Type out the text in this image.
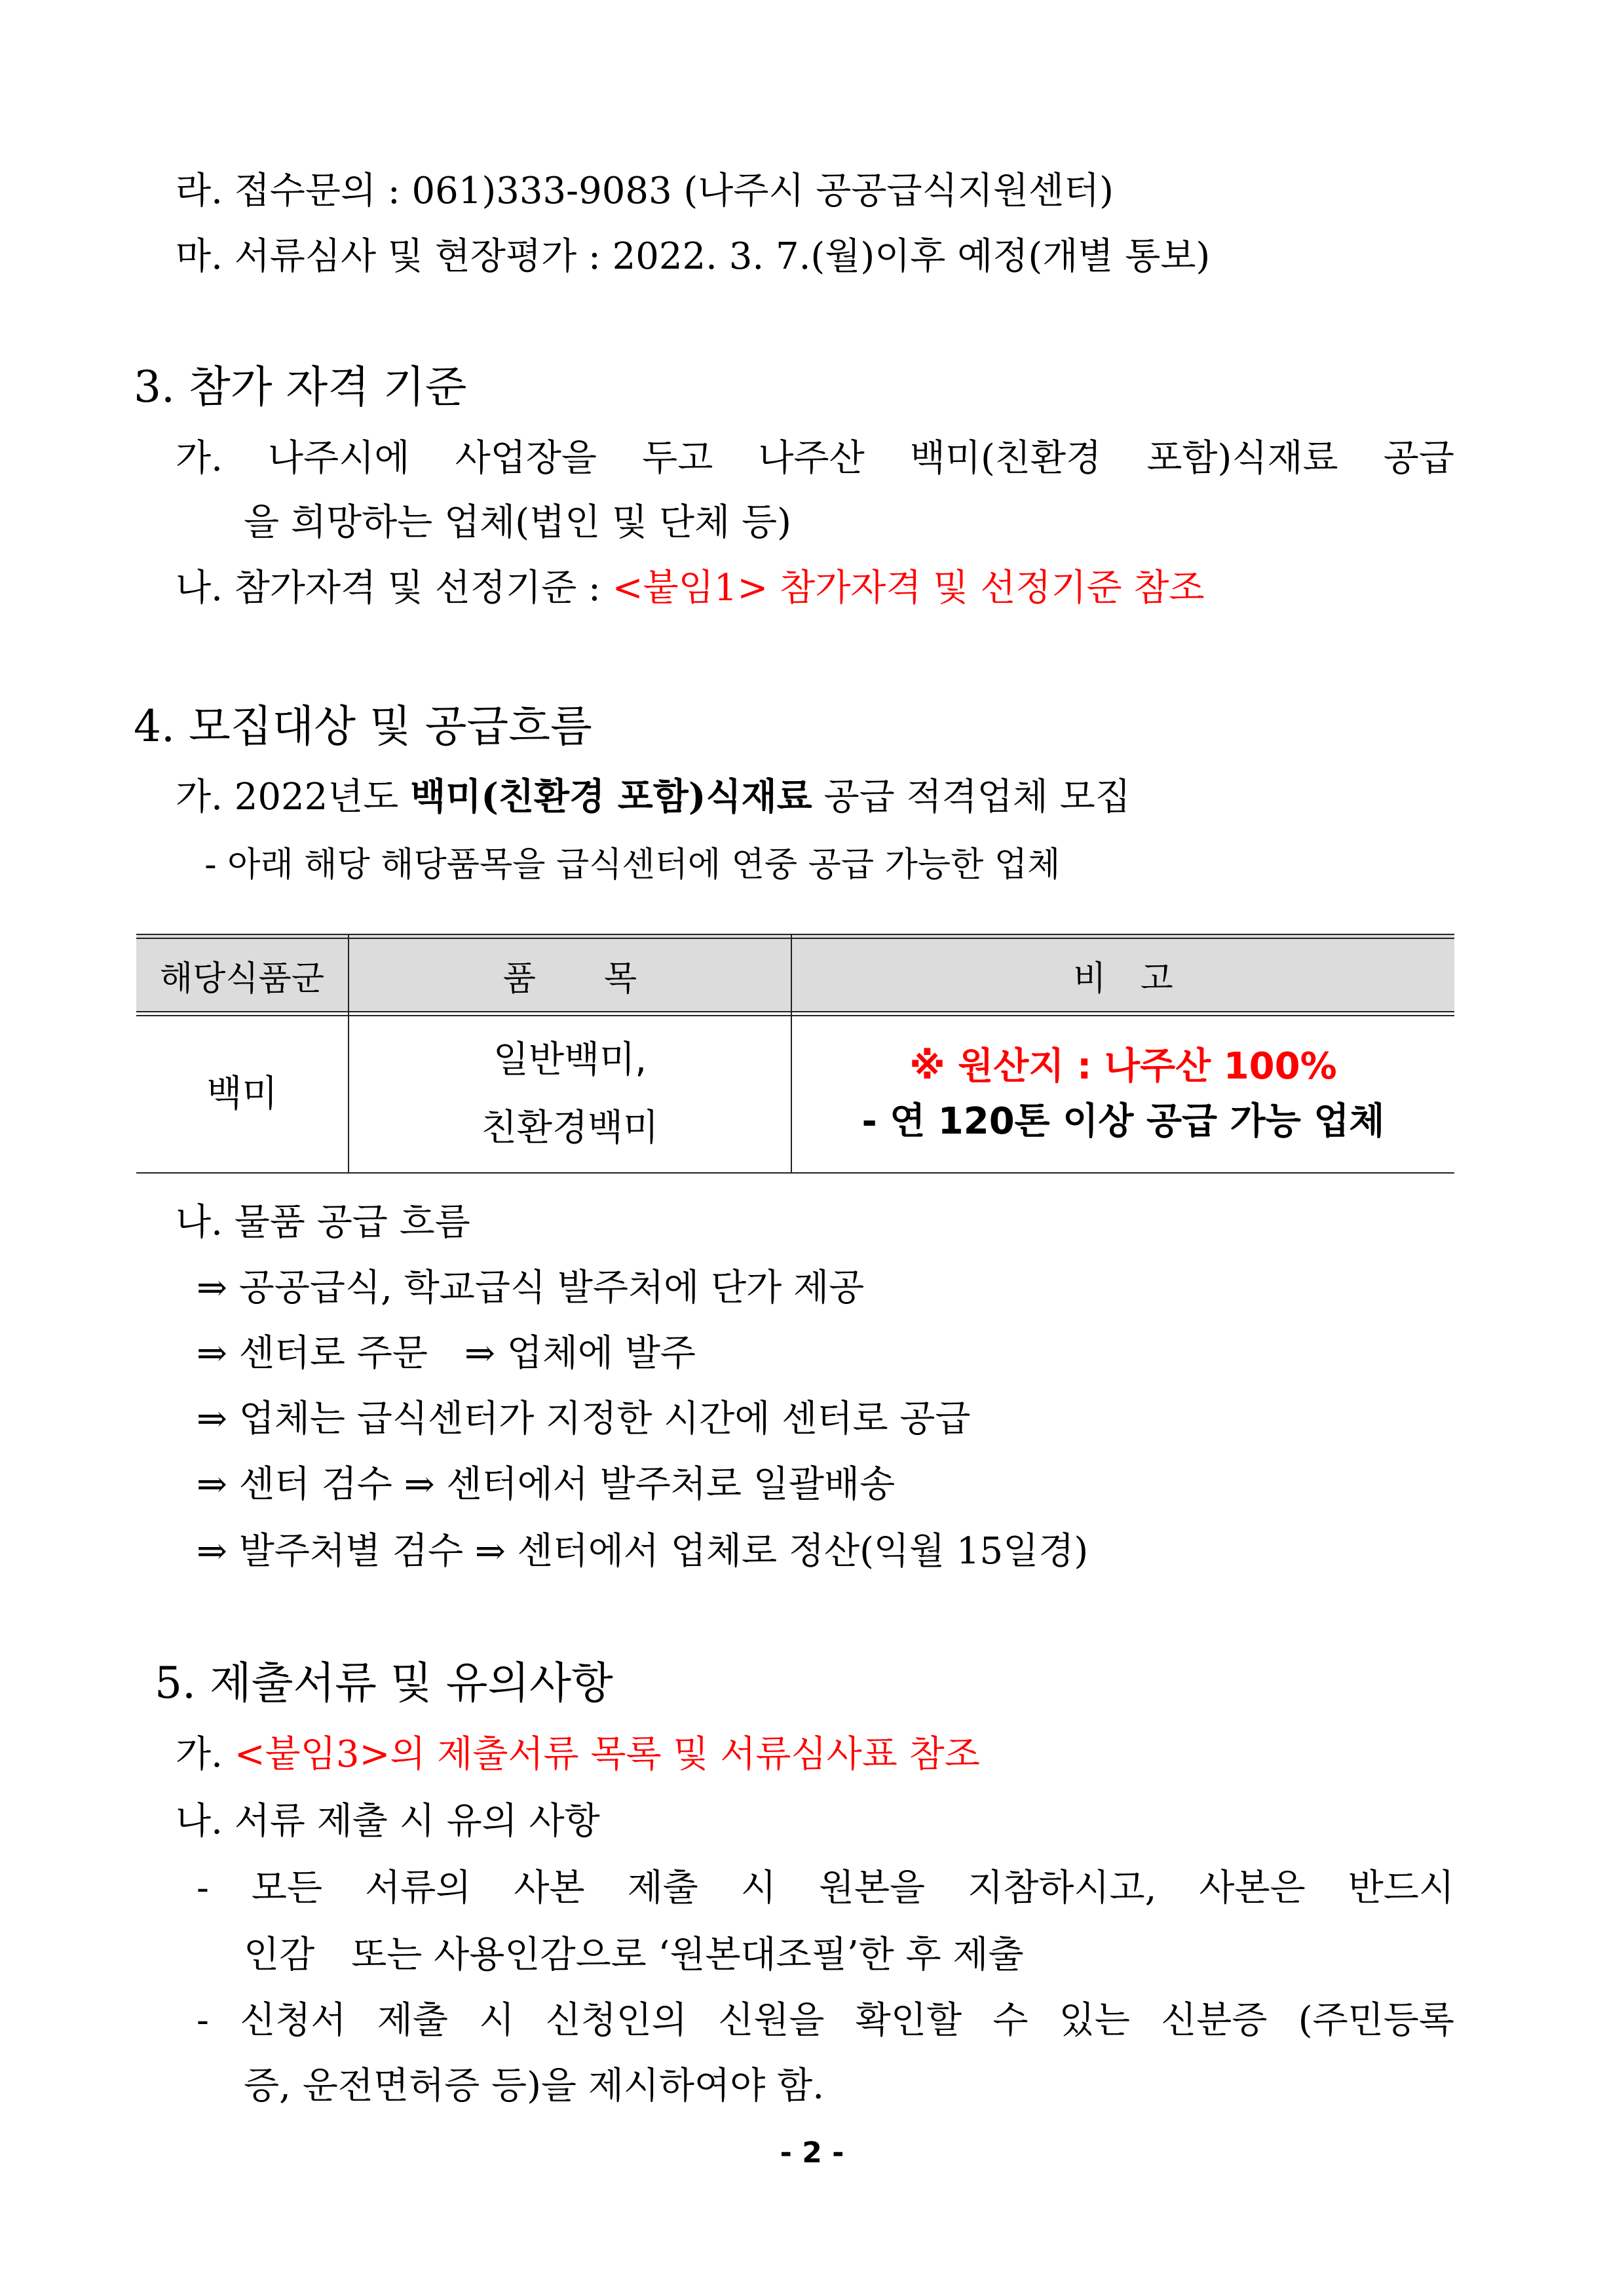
라. 접수문의 : 061)333-9083 (나주시 공공급식지원센터)
마. 서류심사 및 현장평가 : 2022. 3. 7.(월)이후 예정(개별 통보)
3. 참가 자격 기준
가. 나주시에 사업장을 두고 나주산 백미(친환경 포함)식재료 공급
을 희망하는 업체(법인 및 단체 등)
나. 참가자격 및 선정기준 : <붙임1> 참가자격 및 선정기준 참조
4. 모집대상 및 공급흐름
가. 2022년도 백미(친환경 포함)식재료 공급 적격업체 모집
- 아래 해당 해당품목을 급식센터에 연중 공급 가능한 업체
해당식품군	품　　목	비　고
백미
일반백미,
친환경백미
※ 원산지 : 나주산 100%
- 연 120톤 이상 공급 가능 업체
나. 물품 공급 흐름
⇒ 공공급식, 학교급식 발주처에 단가 제공
⇒ 센터로 주문　⇒ 업체에 발주
⇒ 업체는 급식센터가 지정한 시간에 센터로 공급
⇒ 센터 검수 ⇒ 센터에서 발주처로 일괄배송
⇒ 발주처별 검수 ⇒ 센터에서 업체로 정산(익월 15일경)
5. 제출서류 및 유의사항
가. <붙임3>의 제출서류 목록 및 서류심사표 참조
나. 서류 제출 시 유의 사항
- 모든 서류의 사본 제출 시 원본을 지참하시고, 사본은 반드시
인감　또는 사용인감으로 ‘원본대조필’한 후 제출
- 신청서 제출 시 신청인의 신원을 확인할 수 있는 신분증 (주민등록
증, 운전면허증 등)을 제시하여야 함.
- 2 -
